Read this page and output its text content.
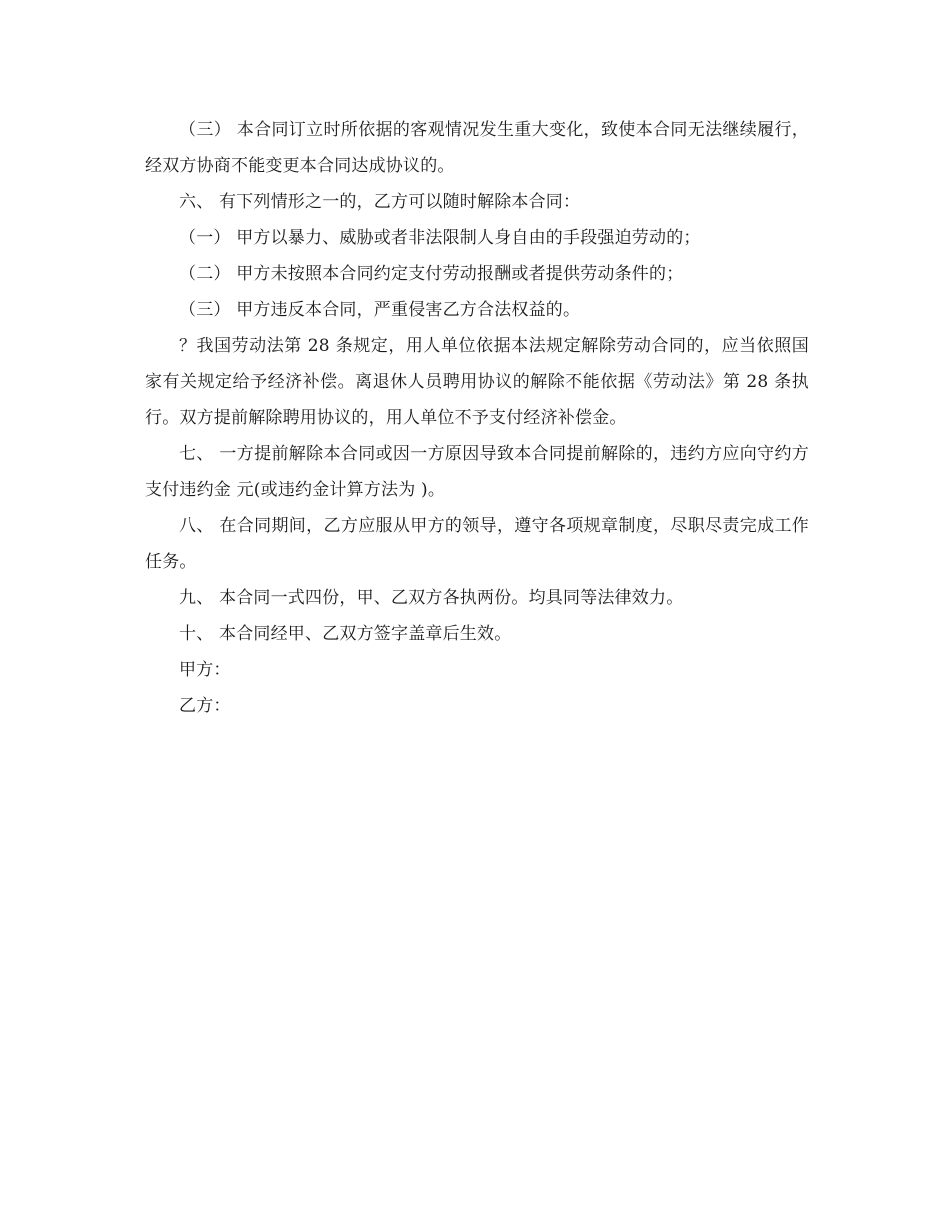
（三） 本合同订立时所依据的客观情况发生重大变化，致使本合同无法继续履行，经双方协商不能变更本合同达成协议的。

六、 有下列情形之一的，乙方可以随时解除本合同：

（一） 甲方以暴力、威胁或者非法限制人身自由的手段强迫劳动的；

（二） 甲方未按照本合同约定支付劳动报酬或者提供劳动条件的；

（三） 甲方违反本合同，严重侵害乙方合法权益的。

？我国劳动法第 28 条规定，用人单位依据本法规定解除劳动合同的，应当依照国家有关规定给予经济补偿。离退休人员聘用协议的解除不能依据《劳动法》第 28 条执行。双方提前解除聘用协议的，用人单位不予支付经济补偿金。

七、 一方提前解除本合同或因一方原因导致本合同提前解除的，违约方应向守约方支付违约金 元(或违约金计算方法为 )。

八、 在合同期间，乙方应服从甲方的领导，遵守各项规章制度，尽职尽责完成工作任务。

九、 本合同一式四份，甲、乙双方各执两份。均具同等法律效力。

十、 本合同经甲、乙双方签字盖章后生效。

甲方：

乙方：
